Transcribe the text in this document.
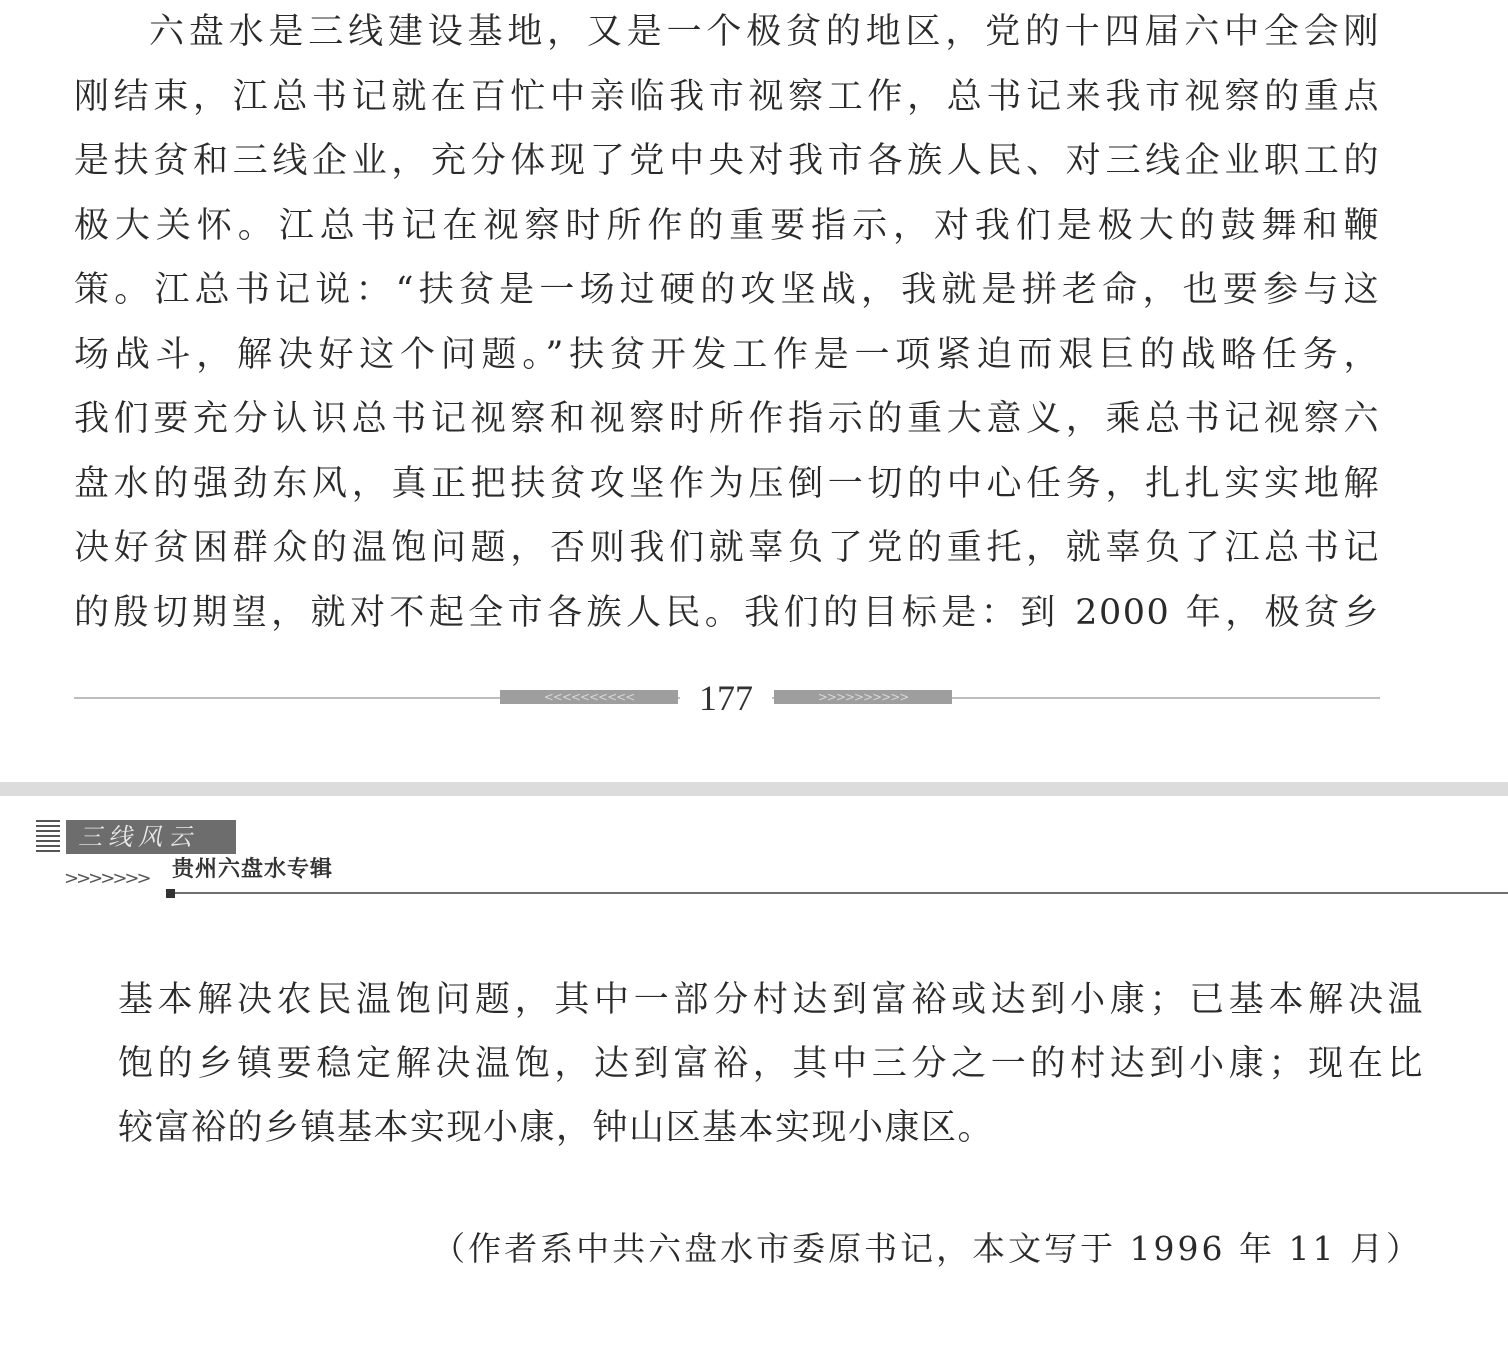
六盘水是三线建设基地，又是一个极贫的地区，党的十四届六中全会刚
刚结束，江总书记就在百忙中亲临我市视察工作，总书记来我市视察的重点
是扶贫和三线企业，充分体现了党中央对我市各族人民、对三线企业职工的
极大关怀。江总书记在视察时所作的重要指示，对我们是极大的鼓舞和鞭
策。江总书记说：“扶贫是一场过硬的攻坚战，我就是拼老命，也要参与这
场战斗，解决好这个问题。”扶贫开发工作是一项紧迫而艰巨的战略任务，
我们要充分认识总书记视察和视察时所作指示的重大意义，乘总书记视察六
盘水的强劲东风，真正把扶贫攻坚作为压倒一切的中心任务，扎扎实实地解
决好贫困群众的温饱问题，否则我们就辜负了党的重托，就辜负了江总书记
的殷切期望，就对不起全市各族人民。我们的目标是：到 2000 年，极贫乡
<<<<<<<<<<	>>>>>>>>>>
177
三线风云
>>>>>>> 贵州六盘水专辑
基本解决农民温饱问题，其中一部分村达到富裕或达到小康；已基本解决温
饱的乡镇要稳定解决温饱，达到富裕，其中三分之一的村达到小康；现在比
较富裕的乡镇基本实现小康，钟山区基本实现小康区。
（作者系中共六盘水市委原书记，本文写于 1996 年 11 月）
